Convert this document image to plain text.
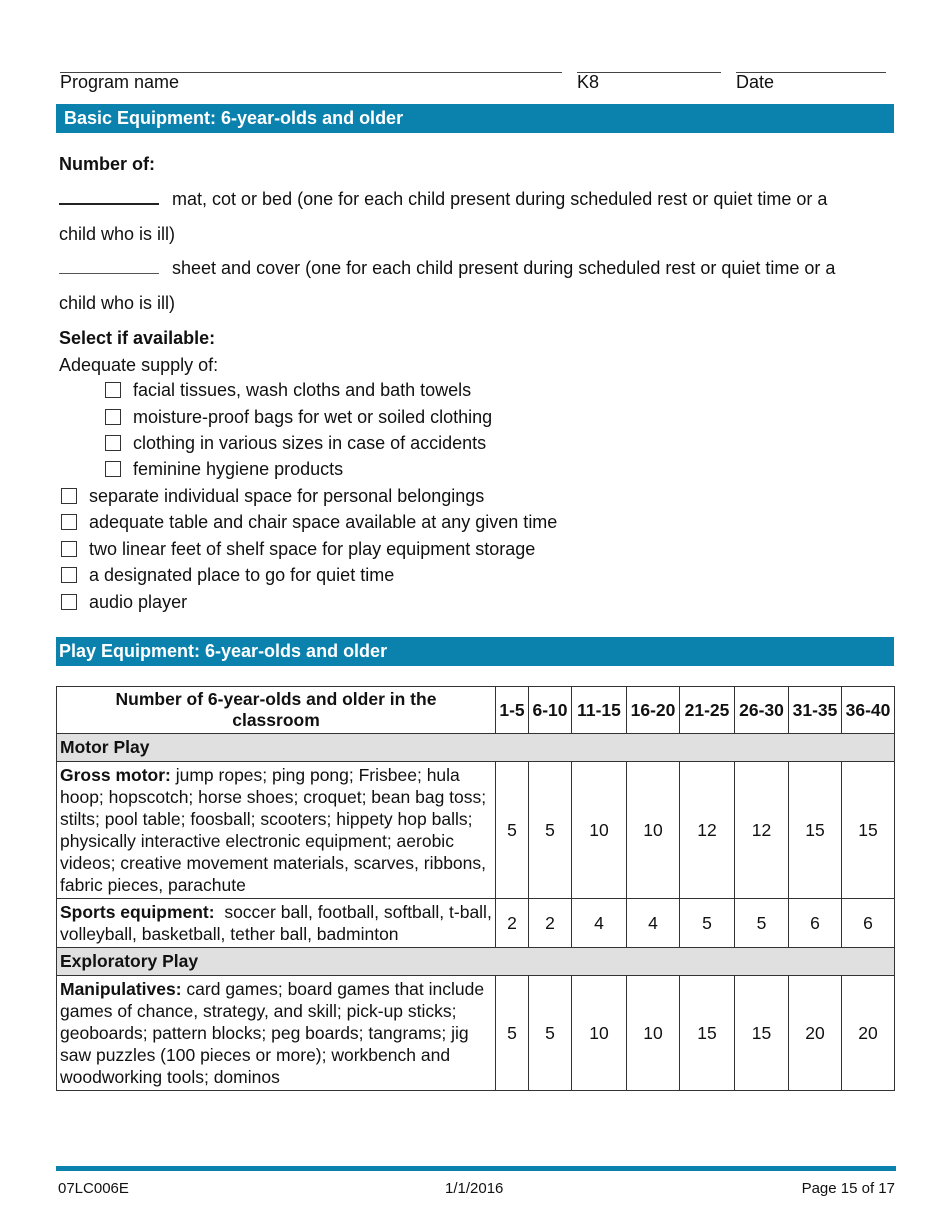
Program name	K8	Date
Basic Equipment: 6-year-olds and older
Number of:
mat, cot or bed (one for each child present during scheduled rest or quiet time or a
child who is ill)
sheet and cover (one for each child present during scheduled rest or quiet time or a
child who is ill)
Select if available:
Adequate supply of:
facial tissues, wash cloths and bath towels
moisture-proof bags for wet or soiled clothing
clothing in various sizes in case of accidents
feminine hygiene products
separate individual space for personal belongings
adequate table and chair space available at any given time
two linear feet of shelf space for play equipment storage
a designated place to go for quiet time
audio player
Play Equipment: 6-year-olds and older
Number of 6-year-olds and older in the classroom	1-5	6-10	11-15	16-20	21-25	26-30	31-35	36-40
Motor Play								
Gross motor: jump ropes; ping pong; Frisbee; hula hoop; hopscotch; horse shoes; croquet; bean bag toss; stilts; pool table; foosball; scooters; hippety hop balls; physically interactive electronic equipment; aerobic videos; creative movement materials, scarves, ribbons, fabric pieces, parachute	5	5	10	10	12	12	15	15
Sports equipment:  soccer ball, football, softball, t-ball, volleyball, basketball, tether ball, badminton	2	2	4	4	5	5	6	6
Exploratory Play								
Manipulatives: card games; board games that include games of chance, strategy, and skill; pick-up sticks; geoboards; pattern blocks; peg boards; tangrams; jig saw puzzles (100 pieces or more); workbench and woodworking tools; dominos	5	5	10	10	15	15	20	20
07LC006E	1/1/2016	Page 15 of 17
